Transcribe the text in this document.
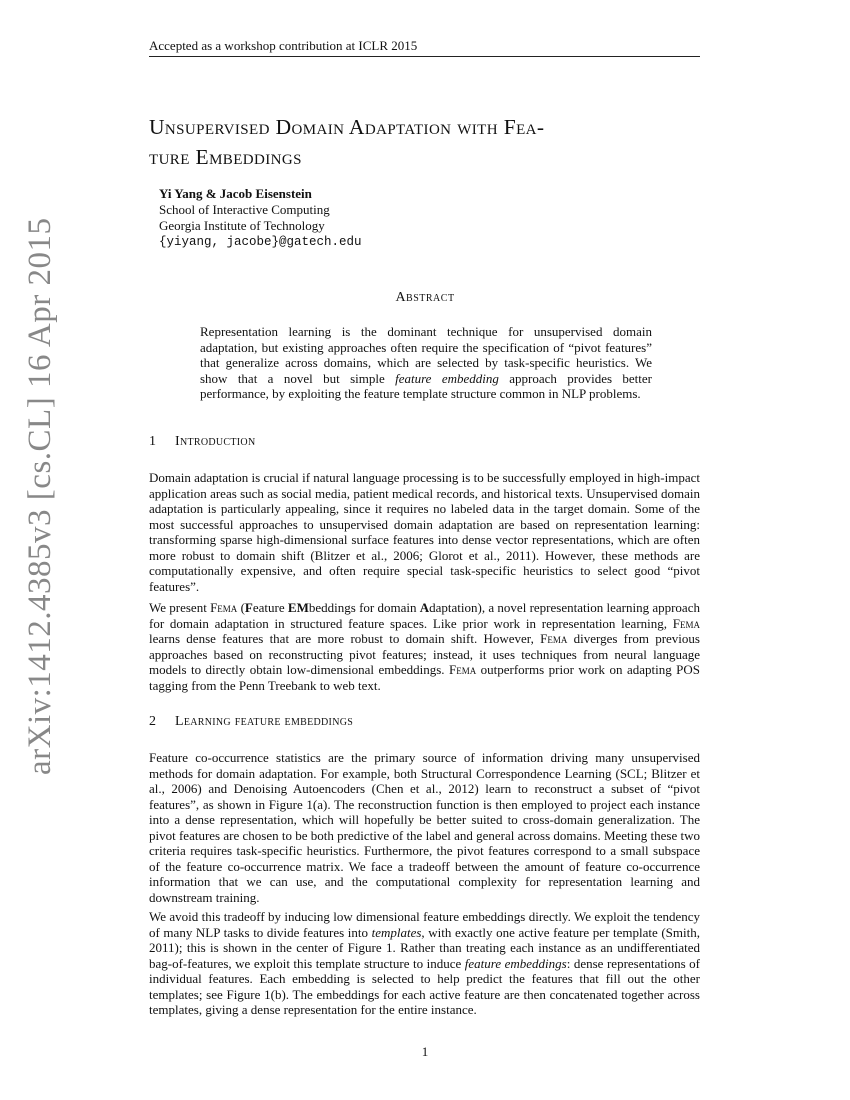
Accepted as a workshop contribution at ICLR 2015
arXiv:1412.4385v3 [cs.CL] 16 Apr 2015
Unsupervised Domain Adaptation with Fea-
ture Embeddings
Yi Yang & Jacob Eisenstein
School of Interactive Computing
Georgia Institute of Technology
{yiyang, jacobe}@gatech.edu
Abstract
Representation learning is the dominant technique for unsupervised domain adaptation, but existing approaches often require the specification of “pivot features” that generalize across domains, which are selected by task-specific heuristics. We show that a novel but simple feature embedding approach provides better performance, by exploiting the feature template structure common in NLP problems.
1 Introduction
Domain adaptation is crucial if natural language processing is to be successfully employed in high-impact application areas such as social media, patient medical records, and historical texts. Unsupervised domain adaptation is particularly appealing, since it requires no labeled data in the target domain. Some of the most successful approaches to unsupervised domain adaptation are based on representation learning: transforming sparse high-dimensional surface features into dense vector representations, which are often more robust to domain shift (Blitzer et al., 2006; Glorot et al., 2011). However, these methods are computationally expensive, and often require special task-specific heuristics to select good “pivot features”.
We present Fema (Feature EMbeddings for domain Adaptation), a novel representation learning approach for domain adaptation in structured feature spaces. Like prior work in representation learning, Fema learns dense features that are more robust to domain shift. However, Fema diverges from previous approaches based on reconstructing pivot features; instead, it uses techniques from neural language models to directly obtain low-dimensional embeddings. Fema outperforms prior work on adapting POS tagging from the Penn Treebank to web text.
2 Learning feature embeddings
Feature co-occurrence statistics are the primary source of information driving many unsupervised methods for domain adaptation. For example, both Structural Correspondence Learning (SCL; Blitzer et al., 2006) and Denoising Autoencoders (Chen et al., 2012) learn to reconstruct a subset of “pivot features”, as shown in Figure 1(a). The reconstruction function is then employed to project each instance into a dense representation, which will hopefully be better suited to cross-domain generalization. The pivot features are chosen to be both predictive of the label and general across domains. Meeting these two criteria requires task-specific heuristics. Furthermore, the pivot features correspond to a small subspace of the feature co-occurrence matrix. We face a tradeoff between the amount of feature co-occurrence information that we can use, and the computational complexity for representation learning and downstream training.
We avoid this tradeoff by inducing low dimensional feature embeddings directly. We exploit the tendency of many NLP tasks to divide features into templates, with exactly one active feature per template (Smith, 2011); this is shown in the center of Figure 1. Rather than treating each instance as an undifferentiated bag-of-features, we exploit this template structure to induce feature embeddings: dense representations of individual features. Each embedding is selected to help predict the features that fill out the other templates; see Figure 1(b). The embeddings for each active feature are then concatenated together across templates, giving a dense representation for the entire instance.
1
